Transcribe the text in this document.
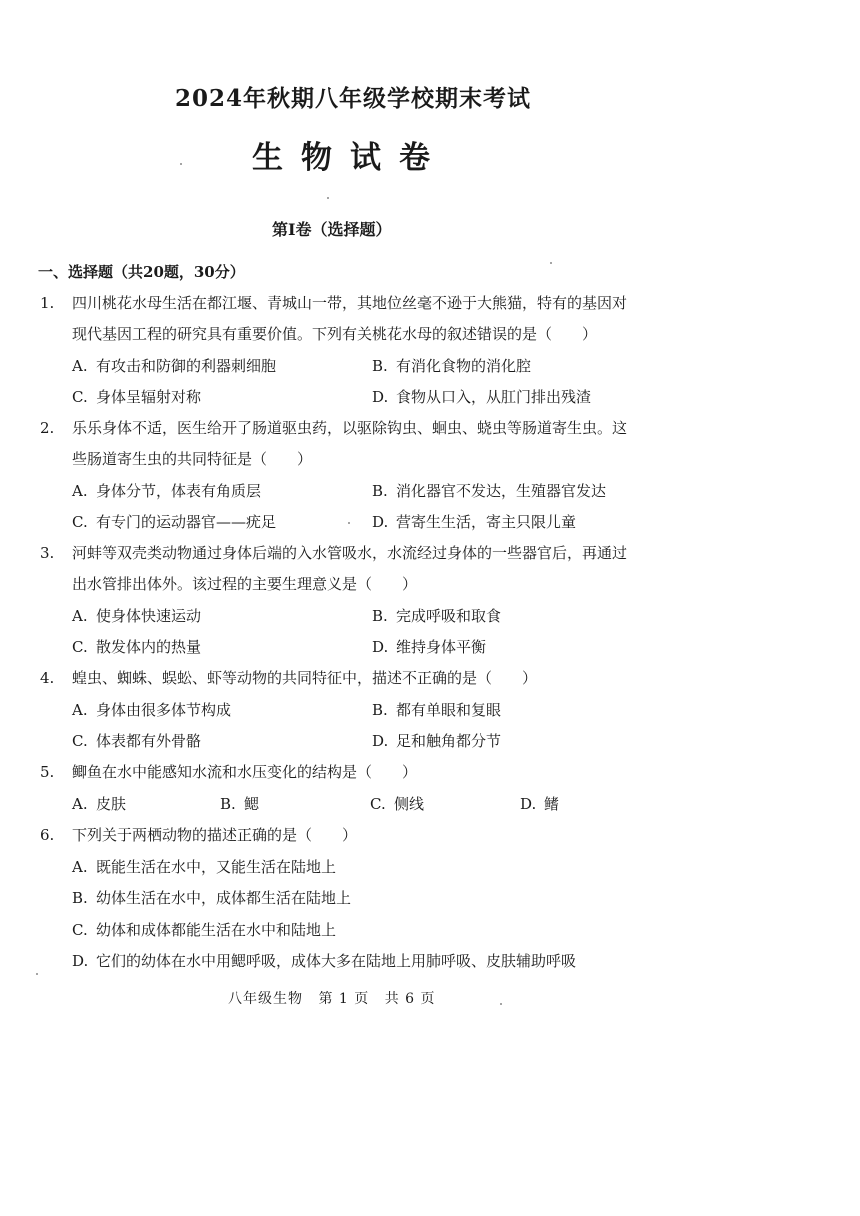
2024年秋期八年级学校期末考试
生物试卷
第Ⅰ卷（选择题）
一、选择题（共20题，30分）
1. 四川桃花水母生活在都江堰、青城山一带，其地位丝毫不逊于大熊猫，特有的基因对
现代基因工程的研究具有重要价值。下列有关桃花水母的叙述错误的是（　　）
A. 有攻击和防御的利器刺细胞	B. 有消化食物的消化腔
C. 身体呈辐射对称	D. 食物从口入，从肛门排出残渣
2. 乐乐身体不适，医生给开了肠道驱虫药，以驱除钩虫、蛔虫、蛲虫等肠道寄生虫。这
些肠道寄生虫的共同特征是（　　）
A. 身体分节，体表有角质层	B. 消化器官不发达，生殖器官发达
C. 有专门的运动器官——疣足	D. 营寄生生活，寄主只限儿童
3. 河蚌等双壳类动物通过身体后端的入水管吸水，水流经过身体的一些器官后，再通过
出水管排出体外。该过程的主要生理意义是（　　）
A. 使身体快速运动	B. 完成呼吸和取食
C. 散发体内的热量	D. 维持身体平衡
4. 蝗虫、蜘蛛、蜈蚣、虾等动物的共同特征中，描述不正确的是（　　）
A. 身体由很多体节构成	B. 都有单眼和复眼
C. 体表都有外骨骼	D. 足和触角都分节
5. 鲫鱼在水中能感知水流和水压变化的结构是（　　）
A. 皮肤	B. 鳃	C. 侧线	D. 鳍
6. 下列关于两栖动物的描述正确的是（　　）
A. 既能生活在水中，又能生活在陆地上
B. 幼体生活在水中，成体都生活在陆地上
C. 幼体和成体都能生活在水中和陆地上
D. 它们的幼体在水中用鳃呼吸，成体大多在陆地上用肺呼吸、皮肤辅助呼吸
八年级生物 第 1 页 共 6 页
